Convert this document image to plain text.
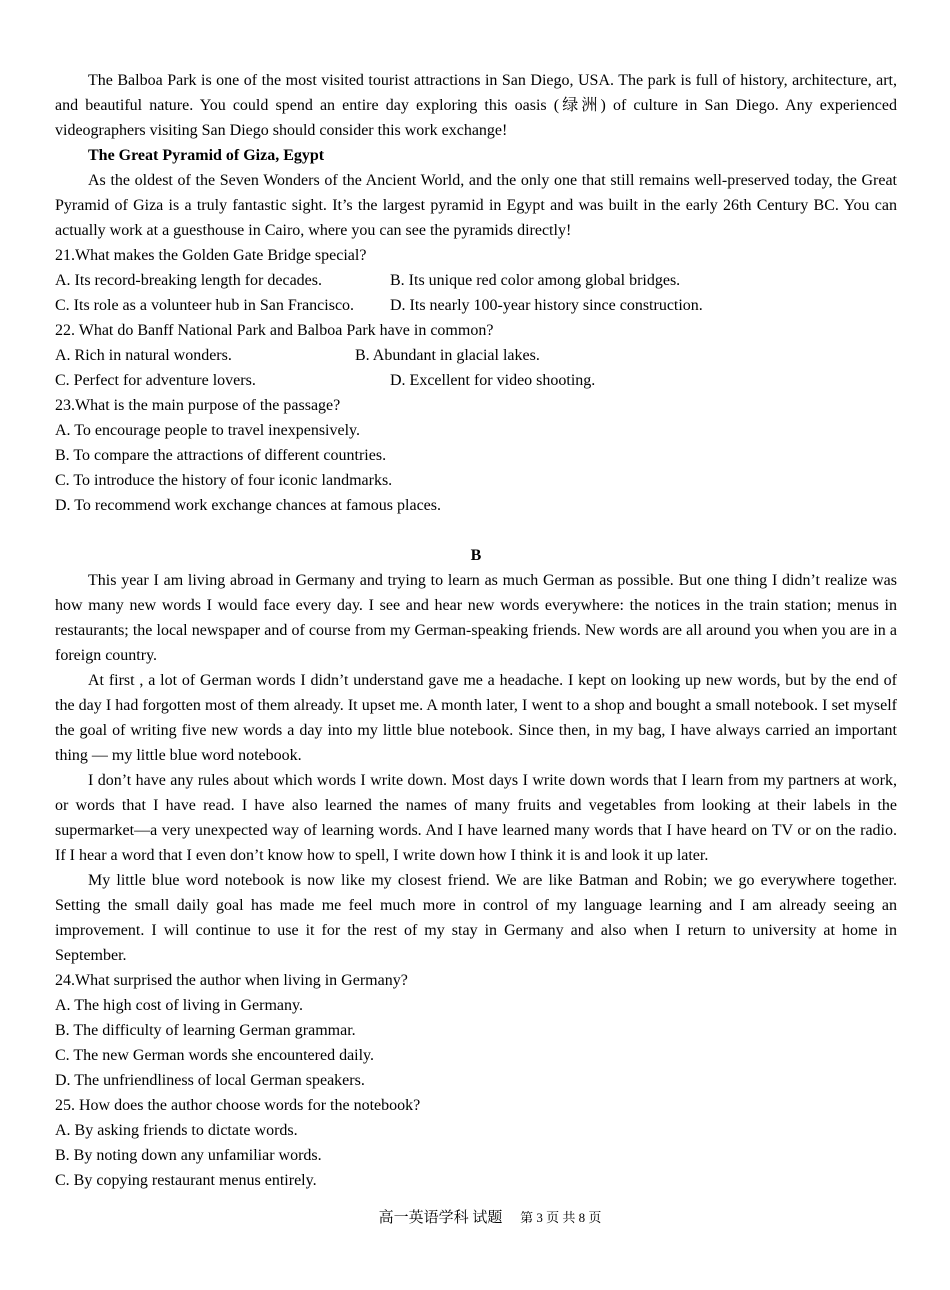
The Balboa Park is one of the most visited tourist attractions in San Diego, USA. The park is full of history, architecture, art, and beautiful nature. You could spend an entire day exploring this oasis (绿洲) of culture in San Diego. Any experienced videographers visiting San Diego should consider this work exchange!

The Great Pyramid of Giza, Egypt

As the oldest of the Seven Wonders of the Ancient World, and the only one that still remains well-preserved today, the Great Pyramid of Giza is a truly fantastic sight. It’s the largest pyramid in Egypt and was built in the early 26th Century BC. You can actually work at a guesthouse in Cairo, where you can see the pyramids directly!

21.What makes the Golden Gate Bridge special?

A. Its record-breaking length for decades.	B. Its unique red color among global bridges.
C. Its role as a volunteer hub in San Francisco.	D. Its nearly 100-year history since construction.

22. What do Banff National Park and Balboa Park have in common?

A. Rich in natural wonders.	B. Abundant in glacial lakes.
C. Perfect for adventure lovers.	D. Excellent for video shooting.

23.What is the main purpose of the passage?

A. To encourage people to travel inexpensively.

B. To compare the attractions of different countries.

C. To introduce the history of four iconic landmarks.

D. To recommend work exchange chances at famous places.

B

This year I am living abroad in Germany and trying to learn as much German as possible. But one thing I didn’t realize was how many new words I would face every day. I see and hear new words everywhere: the notices in the train station; menus in restaurants; the local newspaper and of course from my German-speaking friends. New words are all around you when you are in a foreign country.

At first , a lot of German words I didn’t understand gave me a headache. I kept on looking up new words, but by the end of the day I had forgotten most of them already. It upset me. A month later, I went to a shop and bought a small notebook. I set myself the goal of writing five new words a day into my little blue notebook. Since then, in my bag, I have always carried an important thing — my little blue word notebook.

I don’t have any rules about which words I write down. Most days I write down words that I learn from my partners at work, or words that I have read. I have also learned the names of many fruits and vegetables from looking at their labels in the supermarket—a very unexpected way of learning words. And I have learned many words that I have heard on TV or on the radio. If I hear a word that I even don’t know how to spell, I write down how I think it is and look it up later.

My little blue word notebook is now like my closest friend. We are like Batman and Robin; we go everywhere together. Setting the small daily goal has made me feel much more in control of my language learning and I am already seeing an improvement. I will continue to use it for the rest of my stay in Germany and also when I return to university at home in September.

24.What surprised the author when living in Germany?

A. The high cost of living in Germany.

B. The difficulty of learning German grammar.

C. The new German words she encountered daily.

D. The unfriendliness of local German speakers.

25. How does the author choose words for the notebook?

A. By asking friends to dictate words.

B. By noting down any unfamiliar words.

C. By copying restaurant menus entirely.

高一英语学科 试题 第 3 页 共 8 页
